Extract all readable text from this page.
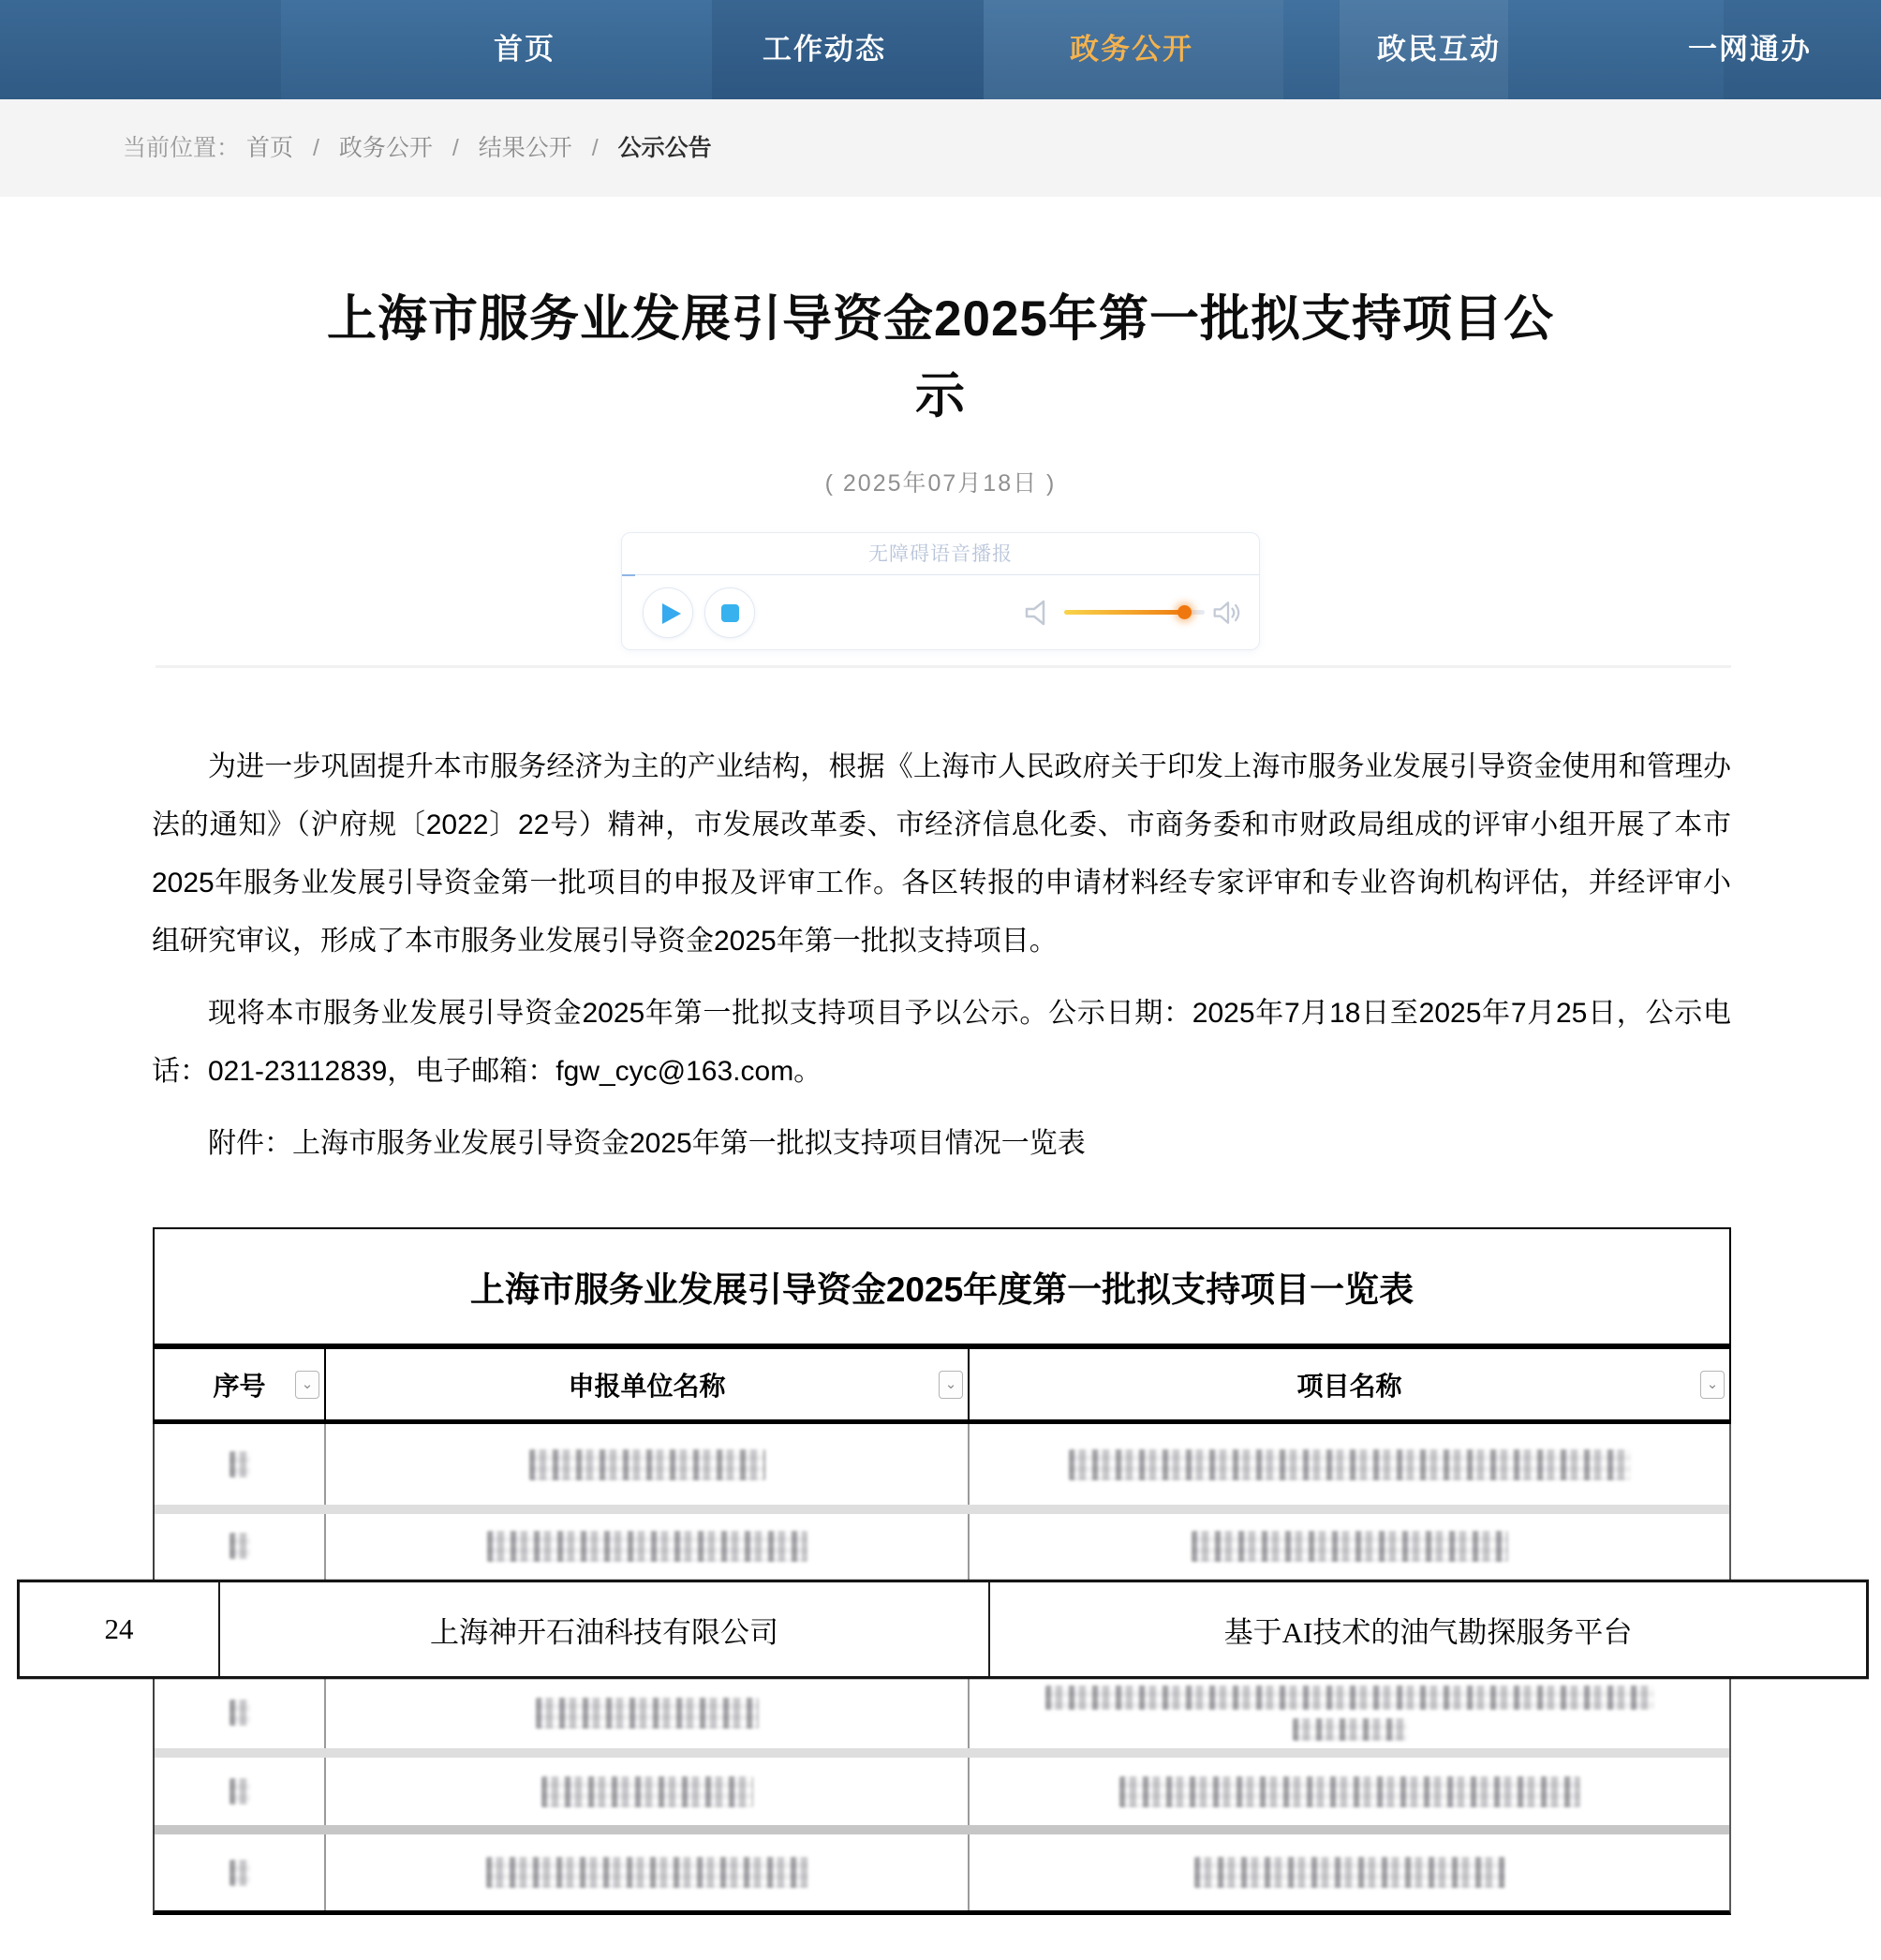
首页	工作动态	政务公开	政民互动	一网通办
当前位置： 首页 / 政务公开 / 结果公开 / 公示公告
上海市服务业发展引导资金2025年第一批拟支持项目公
示
( 2025年07月18日 )
无障碍语音播报

为进一步巩固提升本市服务经济为主的产业结构，根据《上海市人民政府关于印发上海市服务业发展引导资金使用和管理办法的通知》（沪府规〔2022〕22号）精神，市发展改革委、市经济信息化委、市商务委和市财政局组成的评审小组开展了本市2025年服务业发展引导资金第一批项目的申报及评审工作。各区转报的申请材料经专家评审和专业咨询机构评估，并经评审小组研究审议，形成了本市服务业发展引导资金2025年第一批拟支持项目。

现将本市服务业发展引导资金2025年第一批拟支持项目予以公示。公示日期：2025年7月18日至2025年7月25日，公示电话：021-23112839，电子邮箱：fgw_cyc@163.com。

附件：上海市服务业发展引导资金2025年第一批拟支持项目情况一览表

上海市服务业发展引导资金2025年度第一批拟支持项目一览表
序号	⌄	申报单位名称	⌄	项目名称	⌄
24	上海神开石油科技有限公司	基于AI技术的油气勘探服务平台
